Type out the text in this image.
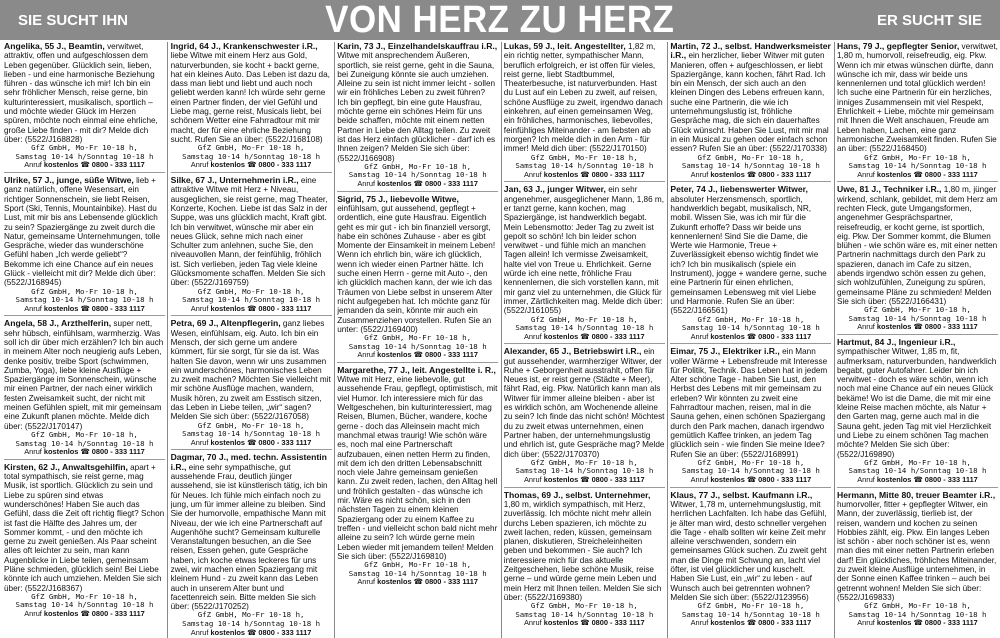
SIE SUCHT IHN	VON HERZ ZU HERZ	ER SUCHT SIE
Angelika, 55 J., Beamtin, verwitwet, attraktiv, offen und aufgeschlossen dem Leben gegenüber. Glücklich sein, lieben, lieben - und eine harmonische Beziehung führen - das wünsche ich mir! Ich bin ein sehr fröhlicher Mensch, reise gerne, bin kulturinteressiert, musikalisch, sportlich – und möchte wieder Glück im Herzen spüren, möchte noch einmal eine ehrliche, große Liebe finden - mit dir? Melde dich über: (5522/J168828)
GfZ GmbH, Mo-Fr 10-18 h,
Samstag 10-14 h/Sonntag 10-18 h
Anruf kostenlos ☎ 0800 - 333 1117
Ulrike, 57 J., junge, süße Witwe, lieb + ganz natürlich, offene Wesensart, ein richtiger Sonnenschein, sie liebt Reisen, Sport (Ski, Tennis, Mountainbike). Hast du Lust, mit mir bis ans Lebensende glücklich zu sein? Spaziergänge zu zweit durch die Natur, gemeinsame Unternehmungen, tolle Gespräche, wieder das wunderschöne Gefühl haben „Ich werde geliebt“? Bekomme ich eine Chance auf ein neues Glück - vielleicht mit dir? Melde dich über: (5522/J168945)
GfZ GmbH, Mo-Fr 10-18 h,
Samstag 10-14 h/Sonntag 10-18 h
Anruf kostenlos ☎ 0800 - 333 1117
Angela, 58 J., Arzthelferin, super nett, sehr hübsch, einfühlsam, warmherzig. Was soll ich dir über mich erzählen? Ich bin auch in meinem Alter noch neugierig aufs Leben, denke positiv, treibe Sport (schwimmen, Zumba, Yoga), liebe kleine Ausflüge + Spaziergänge im Sonnenschein, wünsche mir einen Partner, der nach einer wirklich festen Zweisamkeit sucht, der nicht mit meinen Gefühlen spielt, mit mir gemeinsam eine Zukunft planen möchte. Melde dich über: (5522/J170147)
GfZ GmbH, Mo-Fr 10-18 h,
Samstag 10-14 h/Sonntag 10-18 h
Anruf kostenlos ☎ 0800 - 333 1117
Kirsten, 62 J., Anwaltsgehilfin, apart + total sympathisch, sie reist gerne, mag Musik, ist sportlich. Glücklich zu sein und Liebe zu spüren sind etwas wunderschönes! Haben Sie auch das Gefühl, dass die Zeit oft richtig fliegt? Schon ist fast die Hälfte des Jahres um, der Sommer kommt, - und den möchte ich gerne zu zweit genießen. Als Paar scheint alles oft leichter zu sein, man kann Augenblicke in Liebe teilen, gemeinsam Pläne schmieden, glücklich sein! Bei Liebe könnte ich auch umziehen. Melden Sie sich über: (5522/J168367)
GfZ GmbH, Mo-Fr 10-18 h,
Samstag 10-14 h/Sonntag 10-18 h
Anruf kostenlos ☎ 0800 - 333 1117
Ingrid, 64 J., Krankenschwester i.R., liebe Witwe mit einem Herz aus Gold, naturverbunden, sie kocht + backt gerne, hat ein kleines Auto. Das Leben ist dazu da, dass man liebt und liebt und auch noch geliebt werden kann! Ich würde sehr gerne einen Partner finden, der viel Gefühl und Liebe mag, gerne reist, Musicals liebt, bei schönem Wetter eine Fahrradtour mit mir macht, der für eine ehrliche Beziehung sucht. Rufen Sie an über: (5522/J168108)
GfZ GmbH, Mo-Fr 10-18 h,
Samstag 10-14 h/Sonntag 10-18 h
Anruf kostenlos ☎ 0800 - 333 1117
Silke, 67 J., Unternehmerin i.R., eine attraktive Witwe mit Herz + Niveau, ausgeglichen, sie reist gerne, mag Theater, Konzerte, Kochen. Liebe ist das Salz in der Suppe, was uns glücklich macht, Kraft gibt. Ich bin verwitwet, wünsche mir aber ein neues Glück, sehne mich nach einer Schulter zum anlehnen, suche Sie, den niveauvollen Mann, der feinfühlig, fröhlich ist. Sich verlieben, jeden Tag viele kleine Glücksmomente schaffen. Melden Sie sich über: (5522/J169759)
GfZ GmbH, Mo-Fr 10-18 h,
Samstag 10-14 h/Sonntag 10-18 h
Anruf kostenlos ☎ 0800 - 333 1117
Petra, 69 J., Altenpflegerin, ganz liebes Wesen, einfühlsam, eig. Auto. Ich bin ein Mensch, der sich gerne um andere kümmert, für sie sorgt, für sie da ist. Was halten Sie davon, wenn wir uns zusammen ein wunderschönes, harmonisches Leben zu zweit machen? Möchten Sie vielleicht mit mir schöne Ausflüge machen, wandern, Musik hören, zu zweit am Esstisch sitzen, das Leben in Liebe teilen, „wir“ sagen? Melden Sie sich über: (5522/J167058)
GfZ GmbH, Mo-Fr 10-18 h,
Samstag 10-14 h/Sonntag 10-18 h
Anruf kostenlos ☎ 0800 - 333 1117
Dagmar, 70 J., med. techn. Assistentin i.R., eine sehr sympathische, gut aussehende Frau, deutlich jünger aussehend, sie ist künstlerisch tätig, ich bin für Neues. Ich fühle mich einfach noch zu jung, um für immer alleine zu bleiben. Sind Sie der humorvolle, empathische Mann mit Niveau, der wie ich eine Partnerschaft auf Augenhöhe sucht? Gemeinsam kulturelle Veranstaltungen besuchen, an die See reisen, Essen gehen, gute Gespräche haben, ich koche etwas leckeres für uns zwei, wir machen einen Spaziergang mit kleinem Hund - zu zweit kann das Leben auch in unserem Alter bunt und facettenreich sein. Bitte melden Sie sich über: (5522/J170252)
GfZ GmbH, Mo-Fr 10-18 h,
Samstag 10-14 h/Sonntag 10-18 h
Anruf kostenlos ☎ 0800 - 333 1117
Karin, 73 J., Einzelhandelskauffrau i.R., Witwe mit ansprechendem Äußeren, sportlich, sie reist gerne, geht in die Sauna, bei Zuneigung könnte sie auch umziehen. Alleine zu sein ist nicht immer leicht - sollen wir ein fröhliches Leben zu zweit führen? Ich bin gepflegt, bin eine gute Hausfrau, möchte gerne ein schönes Heim für uns beide schaffen, möchte mit einem netten Partner in Liebe den Alltag teilen. Zu zweit ist das Herz einfach glücklicher - darf ich es Ihnen zeigen? Melden Sie sich über: (5522/J166908)
GfZ GmbH, Mo-Fr 10-18 h,
Samstag 10-14 h/Sonntag 10-18 h
Anruf kostenlos ☎ 0800 - 333 1117
Sigrid, 75 J., liebevolle Witwe, einfühlsam, gut aussehend, gepflegt + ordentlich, eine gute Hausfrau. Eigentlich geht es mir gut - ich bin finanziell versorgt, habe ein schönes Zuhause - aber es gibt Momente der Einsamkeit in meinem Leben! Wenn ich ehrlich bin, wäre ich glücklich, wenn ich wieder einen Partner hätte. Ich suche einen Herrn - gerne mit Auto -, den ich glücklich machen kann, der wie ich das Träumen von Liebe selbst in unserem Alter nicht aufgegeben hat. Ich möchte ganz für jemanden da sein, könnte mir auch ein Zusammenziehen vorstellen. Rufen Sie an unter: (5522/J169400)
GfZ GmbH, Mo-Fr 10-18 h,
Samstag 10-14 h/Sonntag 10-18 h
Anruf kostenlos ☎ 0800 - 333 1117
Margarethe, 77 J., leit. Angestellte i. R., Witwe mit Herz, eine liebevolle, gut aussehende Frau, gepflegt, optimistisch, mit viel Humor. Ich interessiere mich für das Weltgeschehen, bin kulturinteressiert, mag Reisen, Blumen, Bücher, wandere, koche gerne - doch das Alleinsein macht mich manchmal etwas traurig! Wie schön wäre es, noch mal eine Partnerschaft aufzubauen, einen netten Herrn zu finden, mit dem ich den dritten Lebensabschnitt noch viele Jahre gemeinsam genießen kann. Zu zweit reden, lachen, den Alltag hell und fröhlich gestalten - das wünsche ich mir. Wäre es nicht schön, sich in den nächsten Tagen zu einem kleinen Spaziergang oder zu einem Kaffee zu treffen - und vielleicht schon bald nicht mehr alleine zu sein? Ich würde gerne mein Leben wieder mit jemandem teilen! Melden Sie sich über: (5522/J169810)
GfZ GmbH, Mo-Fr 10-18 h,
Samstag 10-14 h/Sonntag 10-18 h
Anruf kostenlos ☎ 0800 - 333 1117
Lukas, 59 J., leit. Angestellter, 1,82 m, ein richtig netter, sympathischer Mann, beruflich erfolgreich, er ist offen für vieles, reist gerne, liebt Stadtbummel, Theaterbesuche, ist naturverbunden. Hast du Lust auf ein Leben zu zweit, auf reisen, schöne Ausflüge zu zweit, irgendwo danach einkehren, auf einen gemeinsamen Weg, ein fröhliches, harmonisches, liebevolles, feinfühliges Miteinander - am liebsten ab morgen? Ich melde dich in den Arm - für immer! Meld dich über: (5522/J170150)
GfZ GmbH, Mo-Fr 10-18 h,
Samstag 10-14 h/Sonntag 10-18 h
Anruf kostenlos ☎ 0800 - 333 1117
Jan, 63 J., junger Witwer, ein sehr angenehmer, ausgeglichener Mann, 1,86 m, er tanzt gerne, kann kochen, mag Spaziergänge, ist handwerklich begabt. Mein Lebensmotto: Jeder Tag zu zweit ist gepolt so schön! Ich bin leider schon verwitwet - und fühle mich an manchen Tagen allein! Ich vermisse Zweisamkeit, halte viel von Treue u. Ehrlichkeit. Gerne würde ich eine nette, fröhliche Frau kennenlernen, die sich vorstellen kann, mit mir ganz viel zu unternehmen, die Glück für immer, Zärtlichkeiten mag. Melde dich über: (5522/J161055)
GfZ GmbH, Mo-Fr 10-18 h,
Samstag 10-14 h/Sonntag 10-18 h
Anruf kostenlos ☎ 0800 - 333 1117
Alexander, 65 J., Betriebswirt i.R., ein gut aussehender, warmherziger Witwer, der Ruhe + Geborgenheit ausstrahlt, offen für Neues ist, er reist gerne (Städte + Meer), fährt Rad, eig. Pkw. Natürlich kann man als Witwer für immer alleine bleiben - aber ist es wirklich schön, am Wochenende alleine zu sein? Ich finde das nicht schön! Möchtest du zu zweit etwas unternehmen, einen Partner haben, der unternehmungslustig und ehrlich ist, gute Gespräche mag? Melde dich über: (5522/J170370)
GfZ GmbH, Mo-Fr 10-18 h,
Samstag 10-14 h/Sonntag 10-18 h
Anruf kostenlos ☎ 0800 - 333 1117
Thomas, 69 J., selbst. Unternehmer, 1,80 m, wirklich sympathisch, mit Herz, zuverlässig. Ich möchte nicht mehr allein durchs Leben spazieren, ich möchte zu zweit lachen, reden, küssen, gemeinsam planen, diskutieren, Streicheleinheiten geben und bekommen - Sie auch? Ich interessiere mich für das aktuelle Zeitgeschehen, liebe schöne Musik, reise gerne – und würde gerne mein Leben und mein Herz mit Ihnen teilen. Melden Sie sich über: (5522/J169380)
GfZ GmbH, Mo-Fr 10-18 h,
Samstag 10-14 h/Sonntag 10-18 h
Anruf kostenlos ☎ 0800 - 333 1117
Martin, 72 J., selbst. Handwerksmeister i.R., ein herzlicher, lieber Witwer mit guten Manieren, offen + aufgeschlossen, er liebt Spaziergänge, kann kochen, fährt Rad. Ich bin ein Mensch, der sich auch an den kleinen Dingen des Lebens erfreuen kann, suche eine Partnerin, die wie ich unternehmungslustig ist, fröhliche Gespräche mag, die sich ein dauerhaftes Glück wünscht. Haben Sie Lust, mit mir mal in ein Musical zu gehen oder einfach schon essen? Rufen Sie an über: (5522/J170338)
GfZ GmbH, Mo-Fr 10-18 h,
Samstag 10-14 h/Sonntag 10-18 h
Anruf kostenlos ☎ 0800 - 333 1117
Peter, 74 J., liebenswerter Witwer, absoluter Herzensmensch, sportlich, handwerklich begabt, musikalisch, NR, mobil. Wissen Sie, was ich mir für die Zukunft erhoffe? Dass wir beide uns kennenlernen! Sind Sie die Dame, die Werte wie Harmonie, Treue + Zuverlässigkeit ebenso wichtig findet wie ich? Ich bin musikalisch (spiele ein Instrument), jogge + wandere gerne, suche eine Partnerin für einen ehrlichen, gemeinsamen Lebensweg mit viel Liebe und Harmonie. Rufen Sie an über: (5522/J166561)
GfZ GmbH, Mo-Fr 10-18 h,
Samstag 10-14 h/Sonntag 10-18 h
Anruf kostenlos ☎ 0800 - 333 1117
Eimar, 75 J., Elektriker i.R., ein Mann voller Wärme + Lebensfreude mit Interesse für Politik, Technik. Das Leben hat in jedem Alter schöne Tage - haben Sie Lust, den Herbst des Lebens mit mir gemeinsam zu erleben? Wir könnten zu zweit eine Fahrradtour machen, reisen, mal in die Sauna gehen, einen schönen Spaziergang durch den Park machen, danach irgendwo gemütlich Kaffee trinken, an jedem Tag glücklich sein - wie finden Sie meine Idee? Rufen Sie an über: (5522/J168991)
GfZ GmbH, Mo-Fr 10-18 h,
Samstag 10-14 h/Sonntag 10-18 h
Anruf kostenlos ☎ 0800 - 333 1117
Klaus, 77 J., selbst. Kaufmann i.R., Witwer, 1,78 m, unternehmungslustig, mit herrlichen Lachfalten. Ich habe das Gefühl, je älter man wird, desto schneller vergehen die Tage - ehalb sollten wir keine Zeit mehr alleine verschwenden, sondern ein gemeinsames Glück suchen. Zu zweit geht man die Dinge mit Schwung an, lacht viel öfter, ist viel glücklicher und kuschelt. Haben Sie Lust, ein „wir“ zu leben - auf Wunsch auch bei getrennten wohnen? Melden Sie sich über: (5522/J123956)
GfZ GmbH, Mo-Fr 10-18 h,
Samstag 10-14 h/Sonntag 10-18 h
Anruf kostenlos ☎ 0800 - 333 1117
Hans, 79 J., gepflegter Senior, verwitwet, 1,80 m, humorvoll, reisefreudig, eig. Pkw. Wenn ich mir etwas wünschen dürfte, dann wünsche ich mir, dass wir beide uns kennenlernen und total glücklich werden! Ich suche eine Partnerin für ein herzliches, inniges Zusammensein mit viel Respekt, Ehrlichkeit + Liebe, möchte mir gemeinsam mit Ihnen die Welt anschauen, Freude am Leben haben, Lachen, eine ganz harmonische Zweisamkeit finden. Rufen Sie an über: (5522/J168450)
GfZ GmbH, Mo-Fr 10-18 h,
Samstag 10-14 h/Sonntag 10-18 h
Anruf kostenlos ☎ 0800 - 333 1117
Uwe, 81 J., Techniker i.R., 1,80 m, jünger wirkend, schlank, gebildet, mit dem Herz am rechten Fleck, gute Umgangsformen, angenehmer Gesprächspartner, reisefreudig, er kocht gerne, ist sportlich, eig. Pkw. Der Sommer kommt, die Blumen blühen - wie schön wäre es, mit einer netten Partnerin nachmittags durch den Park zu spazieren, danach im Cafe zu sitzen, abends irgendwo schön essen zu gehen, sich wohlzufühlen, Zuneigung zu spüren, gemeinsame Pläne zu schmieden! Melden Sie sich über: (5522/J166431)
GfZ GmbH, Mo-Fr 10-18 h,
Samstag 10-14 h/Sonntag 10-18 h
Anruf kostenlos ☎ 0800 - 333 1117
Hartmut, 84 J., Ingenieur i.R., sympathischer Witwer, 1,85 m, fit, aufmerksam, naturverbunden, handwerklich begabt, guter Autofahrer. Leider bin ich verwitwet - doch es wäre schön, wenn ich noch mal eine Chance auf ein neues Glück bekäme! Wo ist die Dame, die mit mir eine kleine Reise machen möchte, als Natur + den Garten mag, gerne auch mal in die Sauna geht, jeden Tag mit viel Herzlichkeit und Liebe zu einem schönen Tag machen möchte? Melden Sie sich über: (5522/J169890)
GfZ GmbH, Mo-Fr 10-18 h,
Samstag 10-14 h/Sonntag 10-18 h
Anruf kostenlos ☎ 0800 - 333 1117
Hermann, Mitte 80, treuer Beamter i.R., humorvoller, fitter + gepflegter Witwer, ein Mann, der zuverlässig, tierlieb ist, der reisen, wandern und kochen zu seinen Hobbies zählt, eig. Pkw. Ein langes Leben ist schön - aber noch schöner ist es, wenn man dies mit einer netten Partnerin erleben darf! Ein glückliches, fröhliches Miteinander, zu zweit kleine Ausflüge unternehmen, in der Sonne einen Kaffee trinken – auch bei getrennt wohnen! Melden Sie sich über: (5522/J169833)
GfZ GmbH, Mo-Fr 10-18 h,
Samstag 10-14 h/Sonntag 10-18 h
Anruf kostenlos ☎ 0800 - 333 1117
